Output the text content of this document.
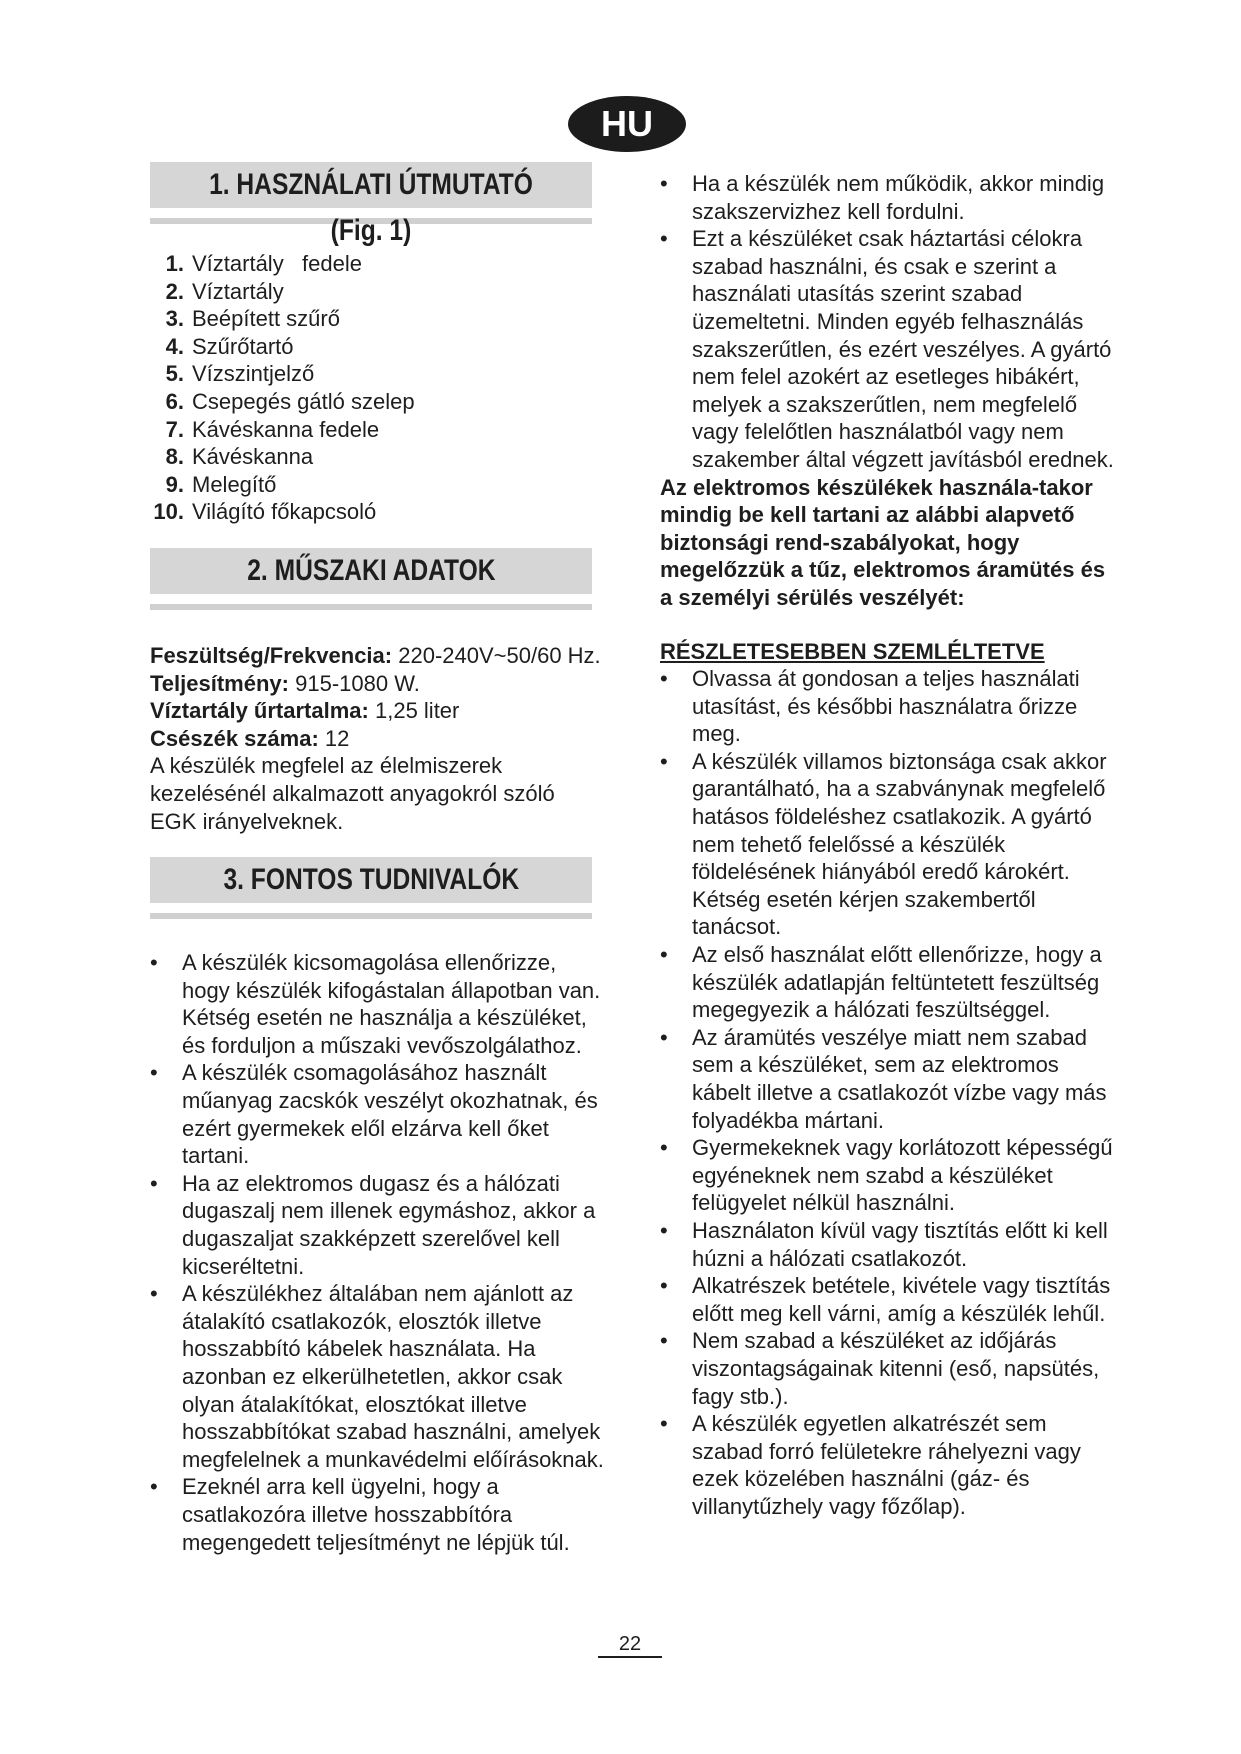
HU
1. HASZNÁLATI ÚTMUTATÓ (Fig. 1)
1. Víztartály   fedele
2. Víztartály
3. Beépített szűrő
4. Szűrőtartó
5. Vízszintjelző
6. Csepegés gátló szelep
7. Kávéskanna fedele
8. Kávéskanna
9. Melegítő
10. Világító főkapcsoló
2. MŰSZAKI ADATOK
Feszültség/Frekvencia: 220-240V~50/60 Hz.
Teljesítmény: 915-1080 W.
Víztartály űrtartalma: 1,25 liter
Csészék száma: 12
A készülék megfelel az élelmiszerek kezelésénél alkalmazott anyagokról szóló EGK irányelveknek.
3. FONTOS TUDNIVALÓK
• A készülék kicsomagolása ellenőrizze, hogy készülék kifogástalan állapotban van. Kétség esetén ne használja a készüléket, és forduljon a műszaki vevőszolgálathoz.
• A készülék csomagolásához használt műanyag zacskók veszélyt okozhatnak, és ezért gyermekek elől elzárva kell őket tartani.
• Ha az elektromos dugasz és a hálózati dugaszalj nem illenek egymáshoz, akkor a dugaszaljat szakképzett szerelővel kell kicseréltetni.
• A készülékhez általában nem ajánlott az átalakító csatlakozók, elosztók illetve hosszabbító kábelek használata. Ha azonban ez elkerülhetetlen, akkor csak olyan átalakítókat, elosztókat illetve hosszabbítókat szabad használni, amelyek megfelelnek a munkavédelmi előírásoknak.
• Ezeknél arra kell ügyelni, hogy a csatlakozóra illetve hosszabbítóra megengedett teljesítményt ne lépjük túl.
• Ha a készülék nem működik, akkor mindig szakszervizhez kell fordulni.
• Ezt a készüléket csak háztartási célokra szabad használni, és csak e szerint a használati utasítás szerint szabad üzemeltetni. Minden egyéb felhasználás szakszerűtlen, és ezért veszélyes. A gyártó nem felel azokért az esetleges hibákért, melyek a szakszerűtlen, nem megfelelő vagy felelőtlen használatból vagy nem szakember által végzett javításból erednek.

Az elektromos készülékek használa-takor mindig be kell tartani az alábbi alapvető biztonsági rend-szabályokat, hogy megelőzzük a tűz, elektromos áramütés és a személyi sérülés veszélyét:

RÉSZLETESEBBEN SZEMLÉLTETVE
• Olvassa át gondosan a teljes használati utasítást, és későbbi használatra őrizze meg.
• A készülék villamos biztonsága csak akkor garantálható, ha a szabványnak megfelelő hatásos földeléshez csatlakozik. A gyártó nem tehető felelőssé a készülék földelésének hiányából eredő károkért. Kétség esetén kérjen szakembertől tanácsot.
• Az első használat előtt ellenőrizze, hogy a készülék adatlapján feltüntetett feszültség megegyezik a hálózati feszültséggel.
• Az áramütés veszélye miatt nem szabad sem a készüléket, sem az elektromos kábelt illetve a csatlakozót vízbe vagy más folyadékba mártani.
• Gyermekeknek vagy korlátozott képességű egyéneknek nem szabd a készüléket felügyelet nélkül használni.
• Használaton kívül vagy tisztítás előtt ki kell húzni a hálózati csatlakozót.
• Alkatrészek betétele, kivétele vagy tisztítás előtt meg kell várni, amíg a készülék lehűl.
• Nem szabad a készüléket az időjárás viszontagságainak kitenni (eső, napsütés, fagy stb.).
• A készülék egyetlen alkatrészét sem szabad forró felületekre ráhelyezni vagy ezek közelében használni (gáz- és villanytűzhely vagy főzőlap).
22
